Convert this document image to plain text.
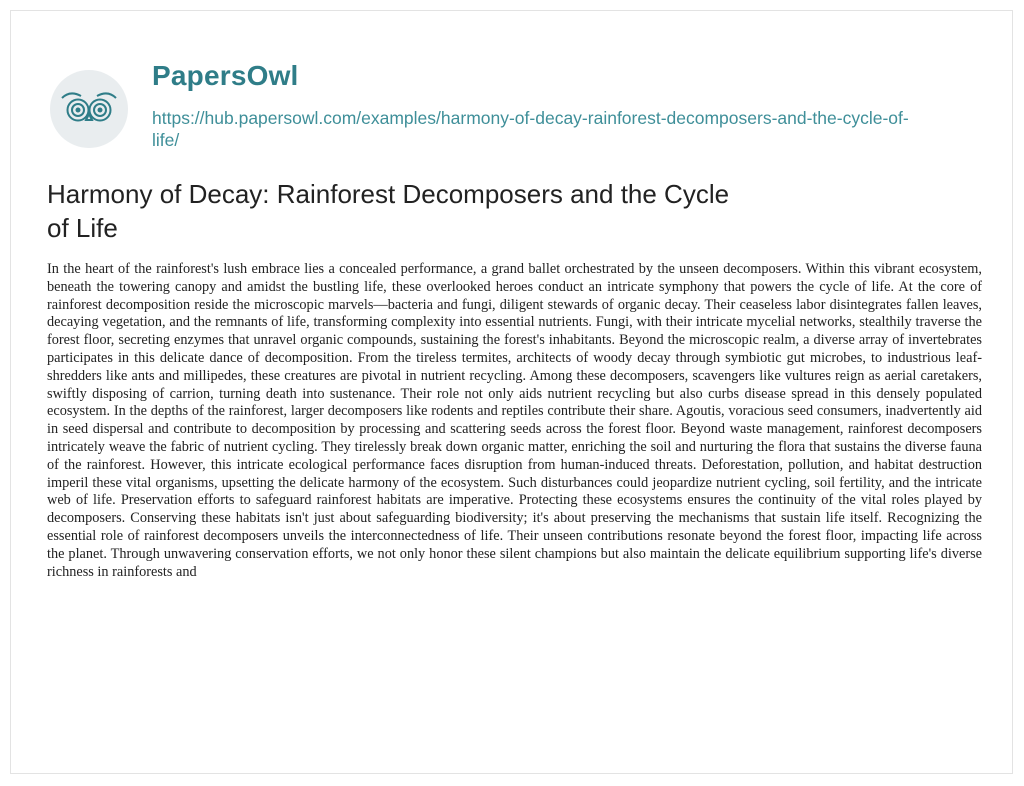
PapersOwl
https://hub.papersowl.com/examples/harmony-of-decay-rainforest-decomposers-and-the-cycle-of-life/
Harmony of Decay: Rainforest Decomposers and the Cycle of Life

In the heart of the rainforest's lush embrace lies a concealed performance, a grand ballet orchestrated by the unseen decomposers. Within this vibrant ecosystem, beneath the towering canopy and amidst the bustling life, these overlooked heroes conduct an intricate symphony that powers the cycle of life. At the core of rainforest decomposition reside the microscopic marvels—bacteria and fungi, diligent stewards of organic decay. Their ceaseless labor disintegrates fallen leaves, decaying vegetation, and the remnants of life, transforming complexity into essential nutrients. Fungi, with their intricate mycelial networks, stealthily traverse the forest floor, secreting enzymes that unravel organic compounds, sustaining the forest's inhabitants. Beyond the microscopic realm, a diverse array of invertebrates participates in this delicate dance of decomposition. From the tireless termites, architects of woody decay through symbiotic gut microbes, to industrious leaf-shredders like ants and millipedes, these creatures are pivotal in nutrient recycling. Among these decomposers, scavengers like vultures reign as aerial caretakers, swiftly disposing of carrion, turning death into sustenance. Their role not only aids nutrient recycling but also curbs disease spread in this densely populated ecosystem. In the depths of the rainforest, larger decomposers like rodents and reptiles contribute their share. Agoutis, voracious seed consumers, inadvertently aid in seed dispersal and contribute to decomposition by processing and scattering seeds across the forest floor. Beyond waste management, rainforest decomposers intricately weave the fabric of nutrient cycling. They tirelessly break down organic matter, enriching the soil and nurturing the flora that sustains the diverse fauna of the rainforest. However, this intricate ecological performance faces disruption from human-induced threats. Deforestation, pollution, and habitat destruction imperil these vital organisms, upsetting the delicate harmony of the ecosystem. Such disturbances could jeopardize nutrient cycling, soil fertility, and the intricate web of life. Preservation efforts to safeguard rainforest habitats are imperative. Protecting these ecosystems ensures the continuity of the vital roles played by decomposers. Conserving these habitats isn't just about safeguarding biodiversity; it's about preserving the mechanisms that sustain life itself. Recognizing the essential role of rainforest decomposers unveils the interconnectedness of life. Their unseen contributions resonate beyond the forest floor, impacting life across the planet. Through unwavering conservation efforts, we not only honor these silent champions but also maintain the delicate equilibrium supporting life's diverse richness in rainforests and
